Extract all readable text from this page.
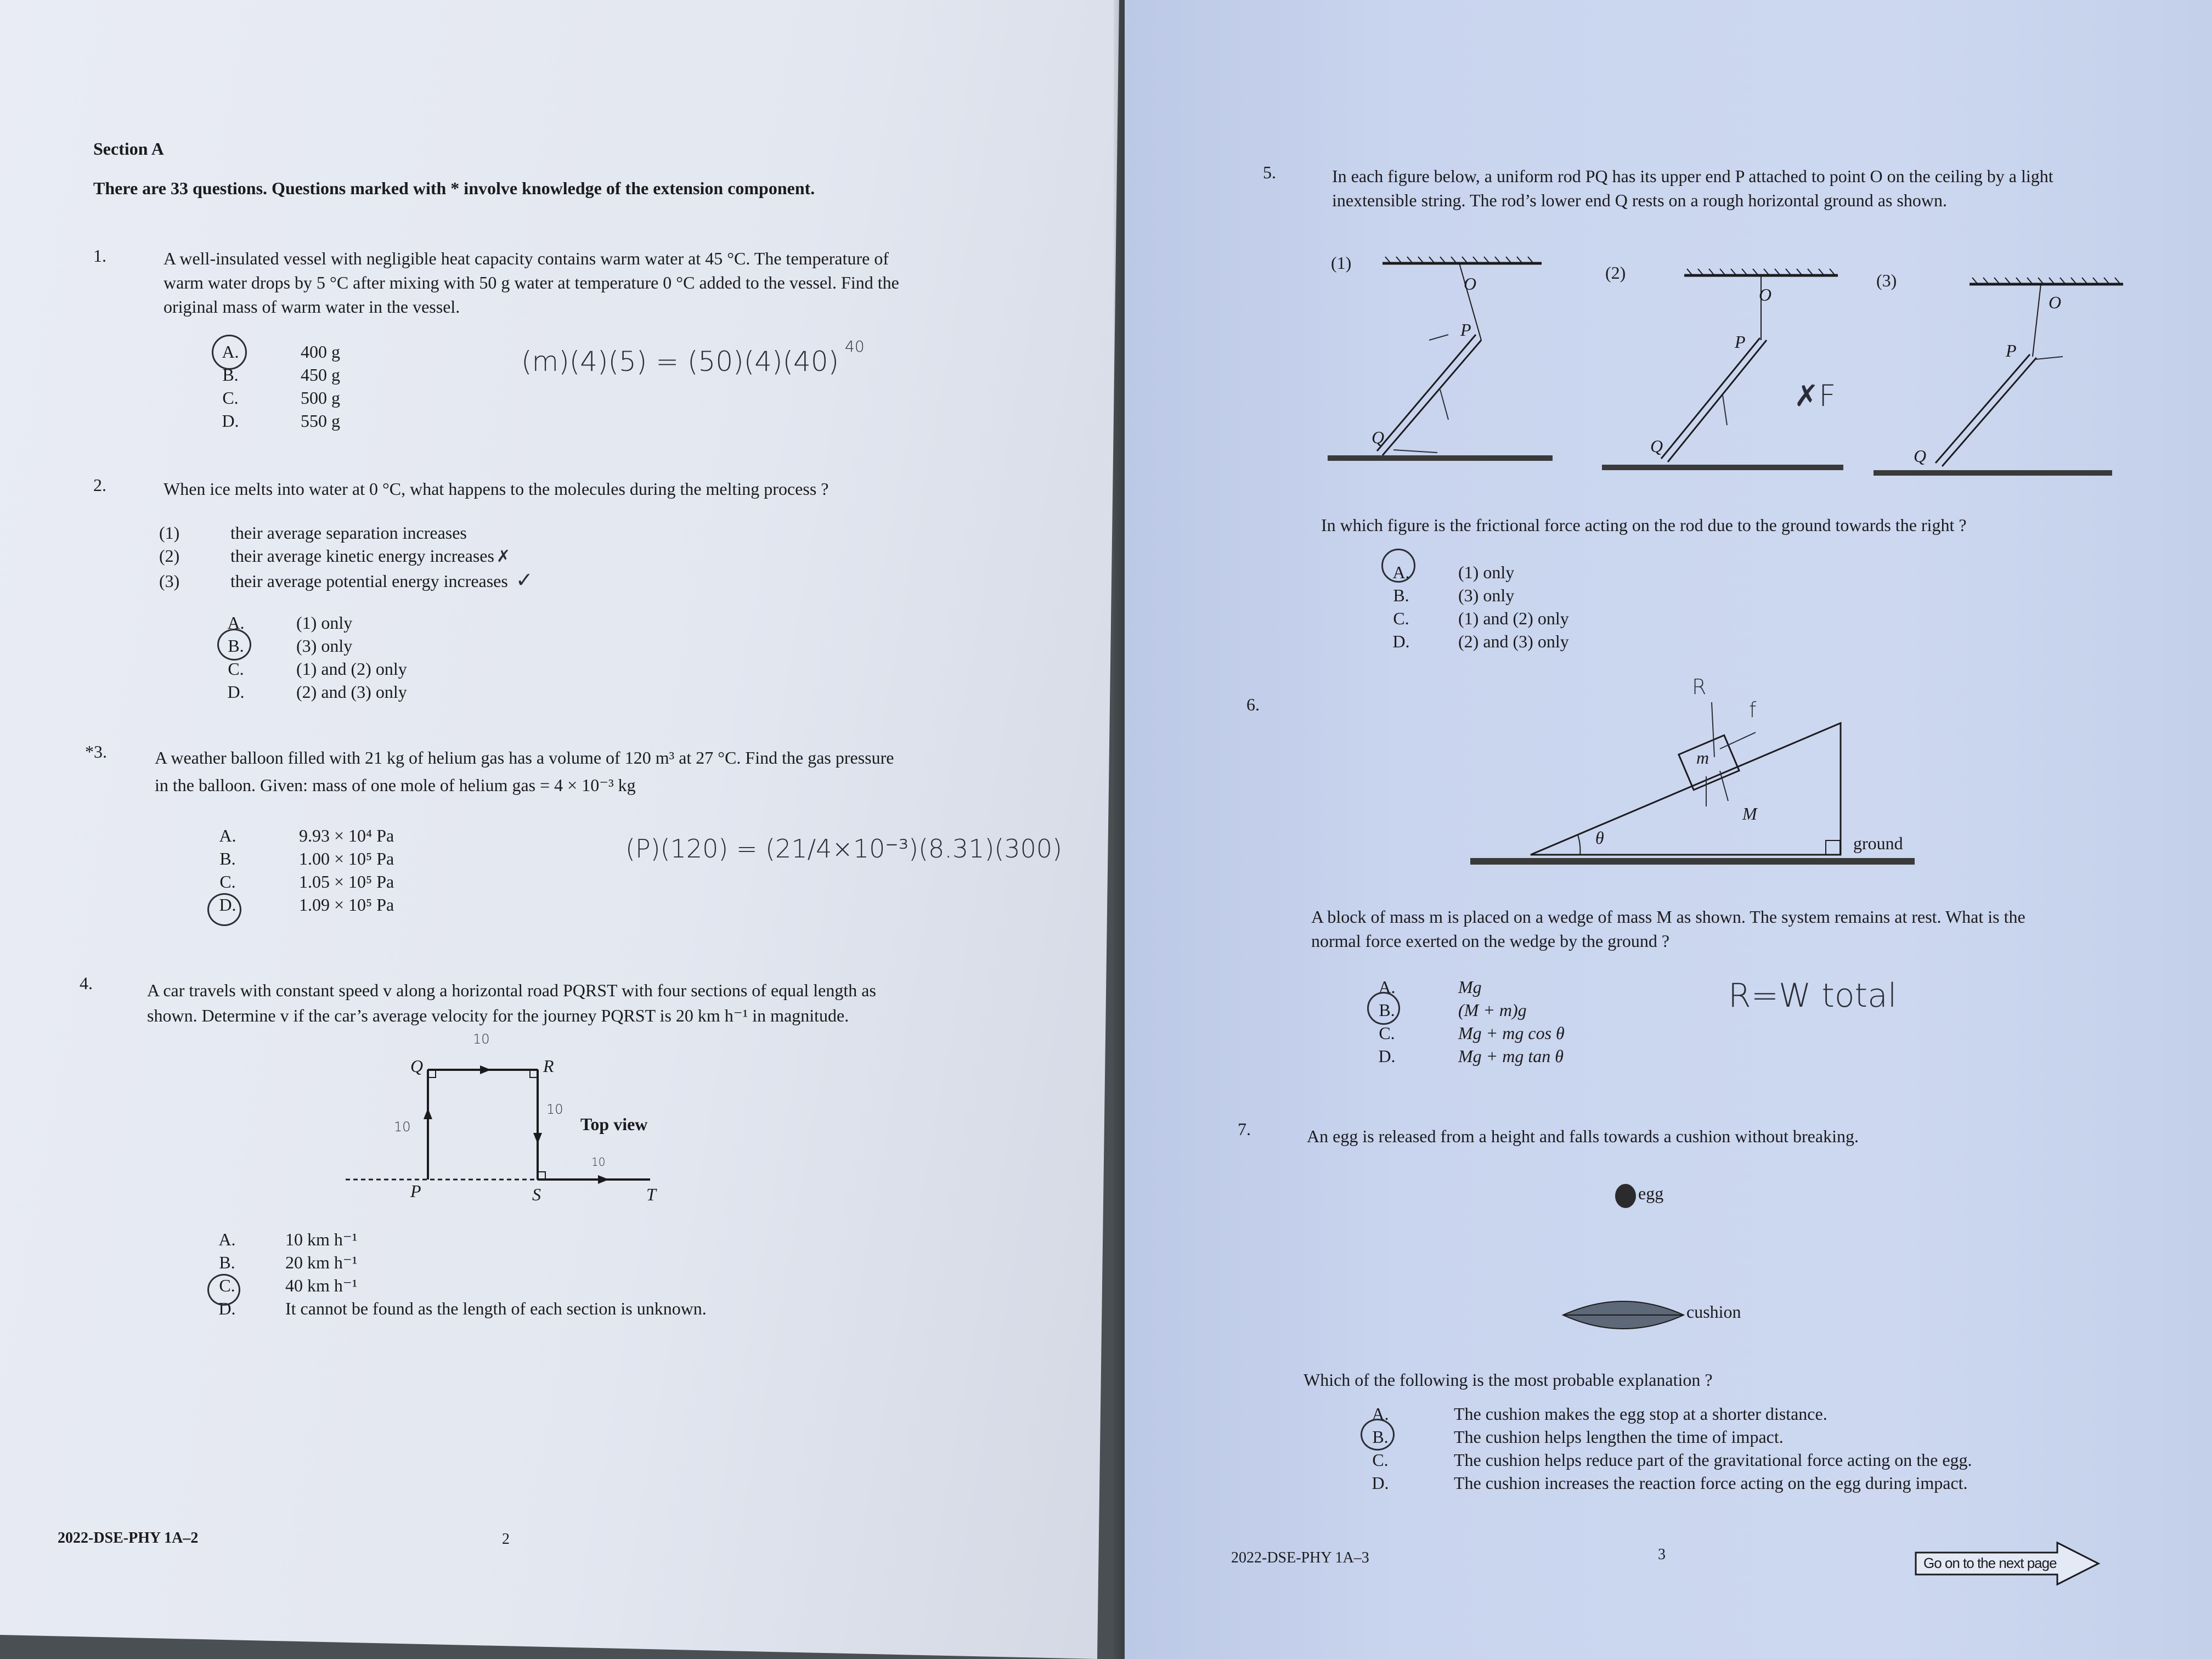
Section A
There are 33 questions. Questions marked with * involve knowledge of the extension component.
1.	A well-insulated vessel with negligible heat capacity contains warm water at 45 °C. The temperature of
warm water drops by 5 °C after mixing with 50 g water at temperature 0 °C added to the vessel. Find the
original mass of warm water in the vessel.
A.	400 g
B.	450 g
C.	500 g
D.	550 g
(m)(4)(5) = (50)(4)(40) 40
2.	When ice melts into water at 0 °C, what happens to the molecules during the melting process ?
(1)	their average separation increases
(2)	their average kinetic energy increases ✗
(3)	their average potential energy increases ✓
A.	(1) only
B.	(3) only
C.	(1) and (2) only
D.	(2) and (3) only
*3.	A weather balloon filled with 21 kg of helium gas has a volume of 120 m³ at 27 °C. Find the gas pressure
in the balloon. Given: mass of one mole of helium gas = 4 × 10⁻³ kg
A.	9.93 × 10⁴ Pa
B.	1.00 × 10⁵ Pa
C.	1.05 × 10⁵ Pa
D.	1.09 × 10⁵ Pa
(P)(120) = (21/4×10⁻³)(8.31)(300)
4.	A car travels with constant speed v along a horizontal road PQRST with four sections of equal length as
shown. Determine v if the car’s average velocity for the journey PQRST is 20 km h⁻¹ in magnitude.
Q	R
P	S	T
Top view
10
10
10
10
A.	10 km h⁻¹
B.	20 km h⁻¹
C.	40 km h⁻¹
D.	It cannot be found as the length of each section is unknown.
2022-DSE-PHY 1A–2	2
5.	In each figure below, a uniform rod PQ has its upper end P attached to point O on the ceiling by a light
inextensible string. The rod’s lower end Q rests on a rough horizontal ground as shown.
(1)	(2)	(3)
O
P
Q
O
P
Q
O
P
Q
✗F
In which figure is the frictional force acting on the rod due to the ground towards the right ?
A.	(1) only
B.	(3) only
C.	(1) and (2) only
D.	(2) and (3) only
6.
m
M
θ	ground
R
f
A block of mass m is placed on a wedge of mass M as shown. The system remains at rest. What is the
normal force exerted on the wedge by the ground ?
A.	Mg
B.	(M + m)g
C.	Mg + mg cos θ
D.	Mg + mg tan θ
R=W total
7.	An egg is released from a height and falls towards a cushion without breaking.
egg
cushion
Which of the following is the most probable explanation ?
A.	The cushion makes the egg stop at a shorter distance.
B.	The cushion helps lengthen the time of impact.
C.	The cushion helps reduce part of the gravitational force acting on the egg.
D.	The cushion increases the reaction force acting on the egg during impact.
2022-DSE-PHY 1A–3	3	Go on to the next page
